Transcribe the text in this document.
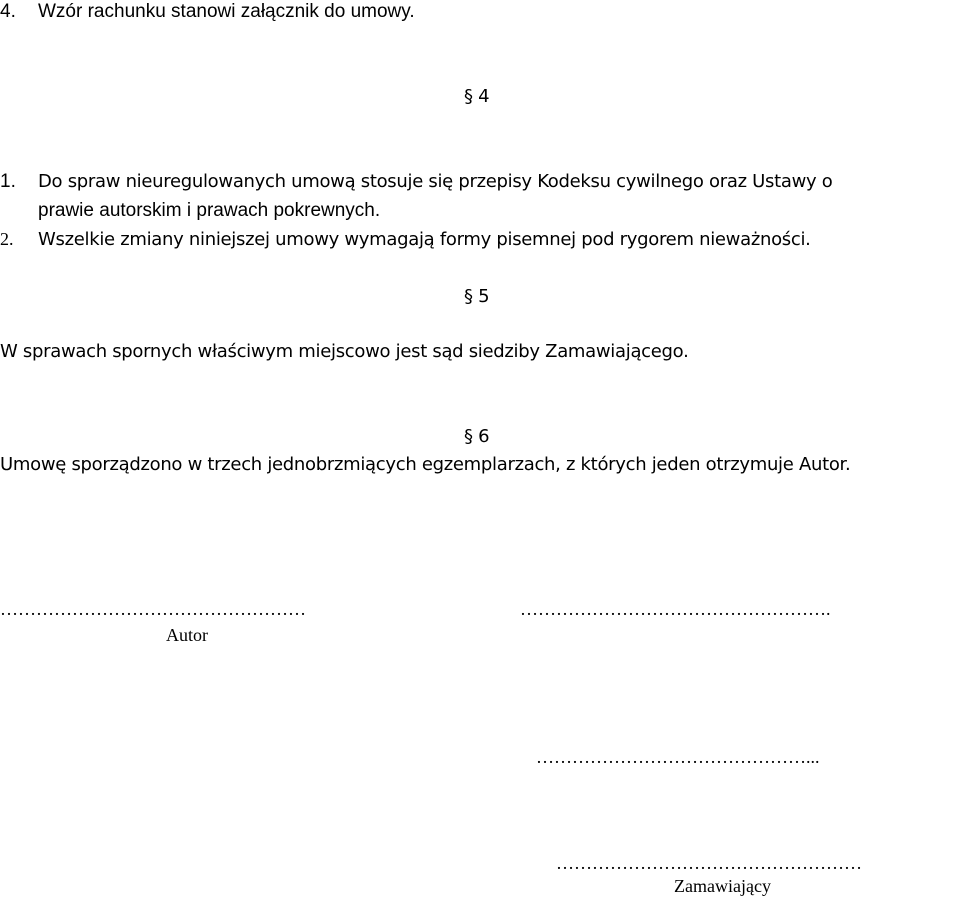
4. Wzór rachunku stanowi załącznik do umowy.
§ 4
1. Do spraw nieuregulowanych umową stosuje się przepisy Kodeksu cywilnego oraz Ustawy o
prawie autorskim i prawach pokrewnych.
2. Wszelkie zmiany niniejszej umowy wymagają formy pisemnej pod rygorem nieważności.
§ 5
W sprawach spornych właściwym miejscowo jest sąd siedziby Zamawiającego.
§ 6
Umowę sporządzono w trzech jednobrzmiących egzemplarzach, z których jeden otrzymuje Autor.
……………………………………………
Autor
…………………………………………….
………………………………………...
……………………………………………
Zamawiający
